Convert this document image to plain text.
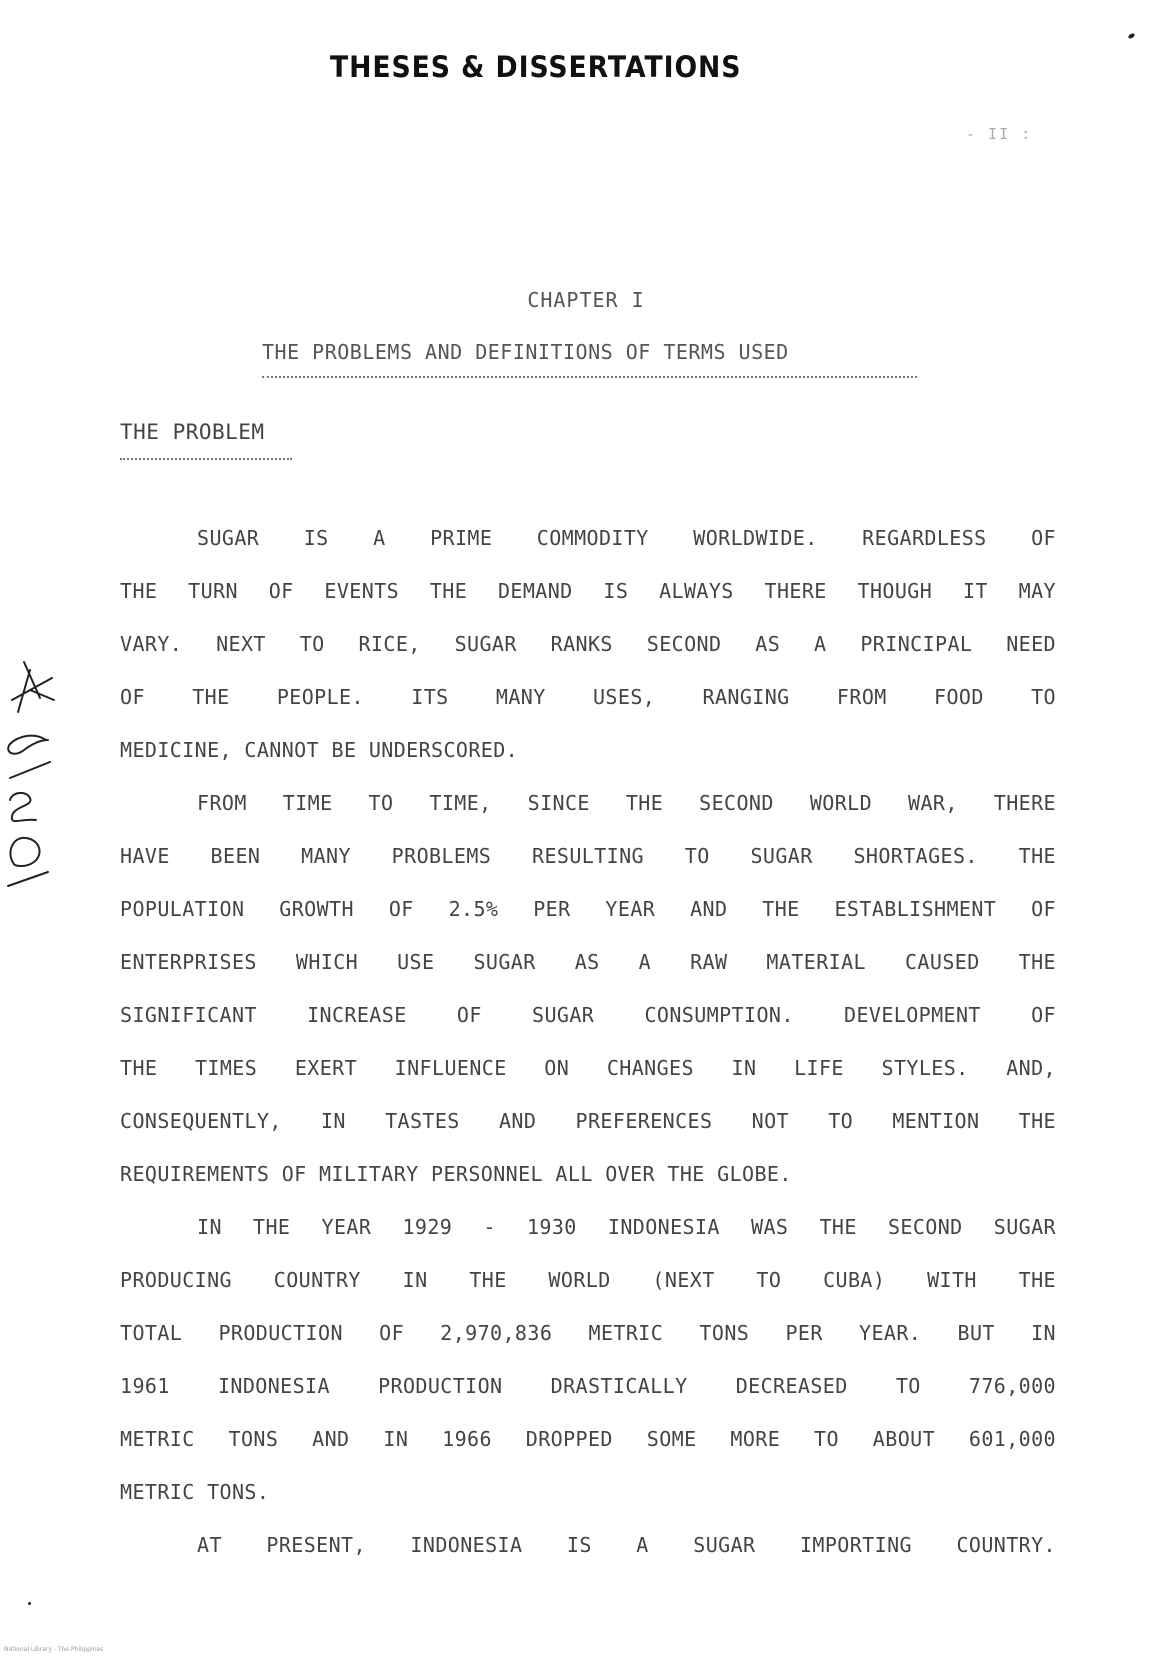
THESES & DISSERTATIONS
- II :
CHAPTER I
THE PROBLEMS AND DEFINITIONS OF TERMS USED
THE PROBLEM
SUGAR IS A PRIME COMMODITY WORLDWIDE. REGARDLESS OF
THE TURN OF EVENTS THE DEMAND IS ALWAYS THERE THOUGH IT MAY
VARY. NEXT TO RICE, SUGAR RANKS SECOND AS A PRINCIPAL NEED
OF THE PEOPLE. ITS MANY USES, RANGING FROM FOOD TO
MEDICINE, CANNOT BE UNDERSCORED.
FROM TIME TO TIME, SINCE THE SECOND WORLD WAR, THERE
HAVE BEEN MANY PROBLEMS RESULTING TO SUGAR SHORTAGES. THE
POPULATION GROWTH OF 2.5% PER YEAR AND THE ESTABLISHMENT OF
ENTERPRISES WHICH USE SUGAR AS A RAW MATERIAL CAUSED THE
SIGNIFICANT INCREASE OF SUGAR CONSUMPTION. DEVELOPMENT OF
THE TIMES EXERT INFLUENCE ON CHANGES IN LIFE STYLES. AND,
CONSEQUENTLY, IN TASTES AND PREFERENCES NOT TO MENTION THE
REQUIREMENTS OF MILITARY PERSONNEL ALL OVER THE GLOBE.
IN THE YEAR 1929 - 1930 INDONESIA WAS THE SECOND SUGAR
PRODUCING COUNTRY IN THE WORLD (NEXT TO CUBA) WITH THE
TOTAL PRODUCTION OF 2,970,836 METRIC TONS PER YEAR. BUT IN
1961 INDONESIA PRODUCTION DRASTICALLY DECREASED TO 776,000
METRIC TONS AND IN 1966 DROPPED SOME MORE TO ABOUT 601,000
METRIC TONS.
AT PRESENT, INDONESIA IS A SUGAR IMPORTING COUNTRY.
National Library - The Philippines
